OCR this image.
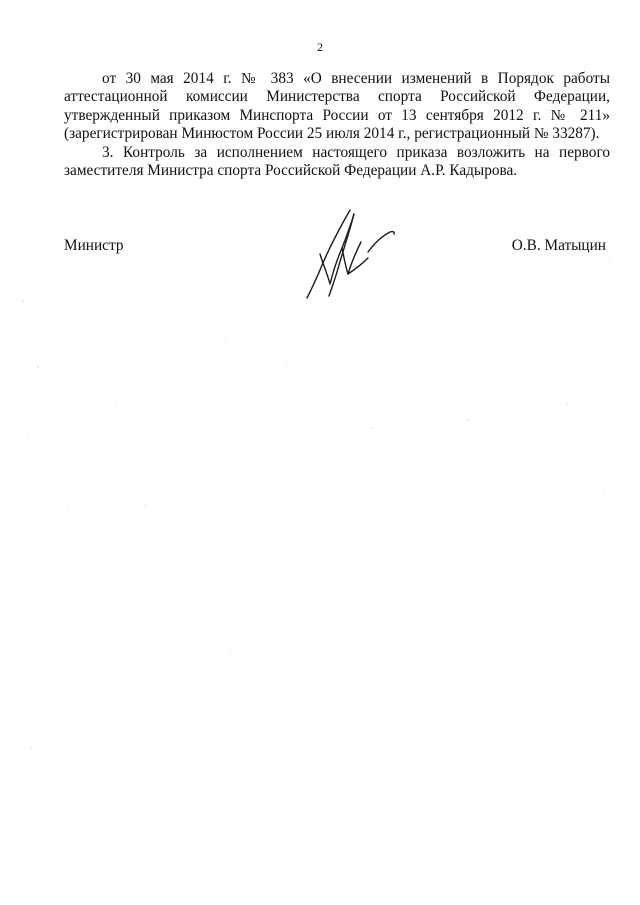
2

от 30 мая 2014 г. № 383 «О внесении изменений в Порядок работы аттестационной комиссии Министерства спорта Российской Федерации, утвержденный приказом Минспорта России от 13 сентября 2012 г. № 211» (зарегистрирован Минюстом России 25 июля 2014 г., регистрационный № 33287).

3. Контроль за исполнением настоящего приказа возложить на первого заместителя Министра спорта Российской Федерации А.Р. Кадырова.

Министр	О.В. Матыцин
